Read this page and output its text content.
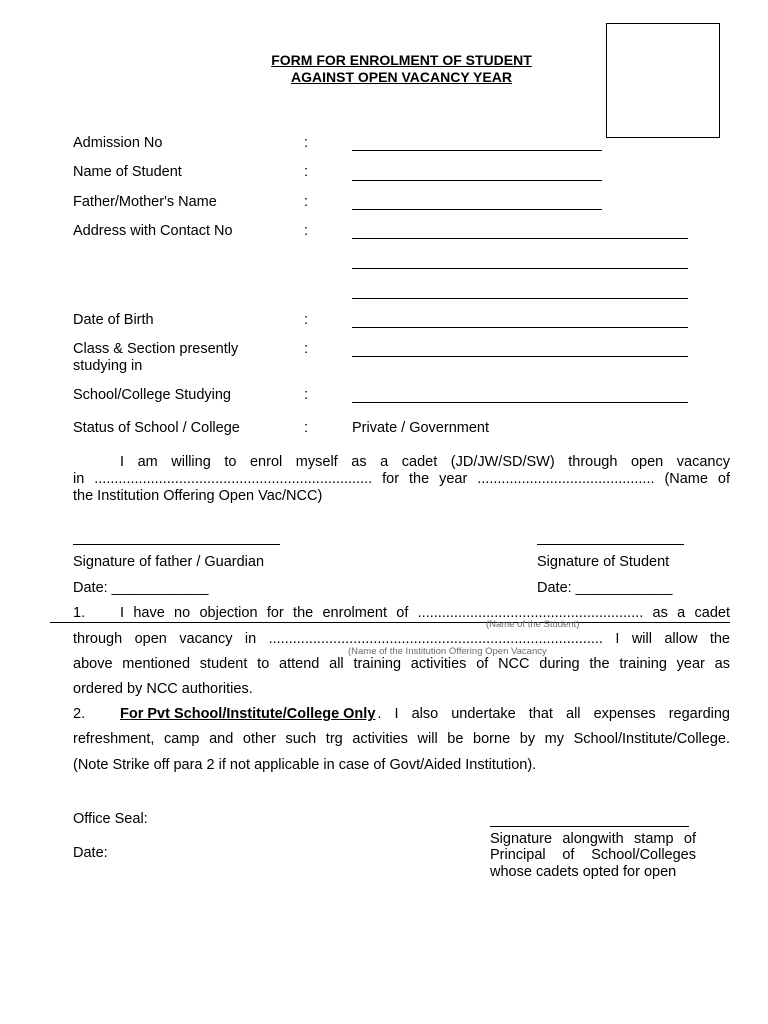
FORM FOR ENROLMENT OF STUDENT
AGAINST OPEN VACANCY YEAR
Admission No	:
Name of Student	:
Father/Mother's Name	:
Address with Contact No	:
Date of Birth	:
Class & Section presently
studying in
:
School/College Studying	:
Status of School / College	:	Private / Government
I am willing to enrol myself as a cadet (JD/JW/SD/SW) through open vacancy
in ..................................................................... for the year ............................................ (Name of
the Institution Offering Open Vac/NCC)
Signature of father / Guardian	Signature of Student
Date: ____________	Date: ____________
1. I have no objection for the enrolment of ........................................................ as a cadet
(Name of the Student)
through open vacancy in ................................................................................... I will allow the
(Name of the Institution Offering Open Vacancy
above mentioned student to attend all training activities of NCC during the training year as
ordered by NCC authorities.
2. For Pvt School/Institute/College Only . I also undertake that all expenses regarding
refreshment, camp and other such trg activities will be borne by my School/Institute/College.
(Note Strike off para 2 if not applicable in case of Govt/Aided Institution).
Office Seal:
Date:
Signature alongwith stamp of
Principal of School/Colleges
whose cadets opted for open
